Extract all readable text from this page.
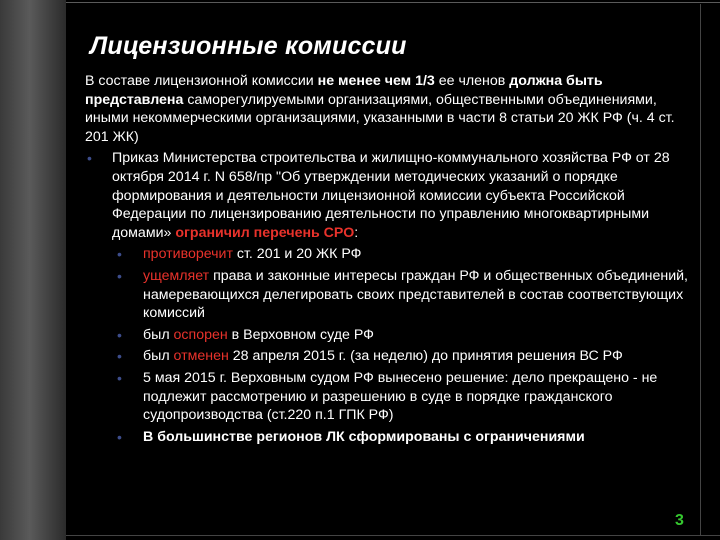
Лицензионные комиссии

В составе лицензионной комиссии не менее чем 1/3 ее членов должна быть представлена саморегулируемыми организациями, общественными объединениями, иными некоммерческими организациями, указанными в части 8 статьи 20 ЖК РФ (ч. 4 ст. 201 ЖК)

• Приказ Министерства строительства и жилищно-коммунального хозяйства РФ от 28 октября 2014 г. N 658/пр "Об утверждении методических указаний о порядке формирования и деятельности лицензионной комиссии субъекта Российской Федерации по лицензированию деятельности по управлению многоквартирными домами» ограничил перечень СРО:
• противоречит ст. 201 и 20 ЖК РФ
• ущемляет права и законные интересы граждан РФ и общественных объединений, намеревающихся делегировать своих представителей в состав соответствующих комиссий
• был оспорен в Верховном суде РФ
• был отменен 28 апреля 2015 г. (за неделю) до принятия решения ВС РФ
• 5 мая 2015 г. Верховным судом РФ вынесено решение: дело прекращено - не подлежит рассмотрению и разрешению в суде в порядке гражданского судопроизводства (ст.220 п.1 ГПК РФ)
• В большинстве регионов ЛК сформированы с ограничениями
3
